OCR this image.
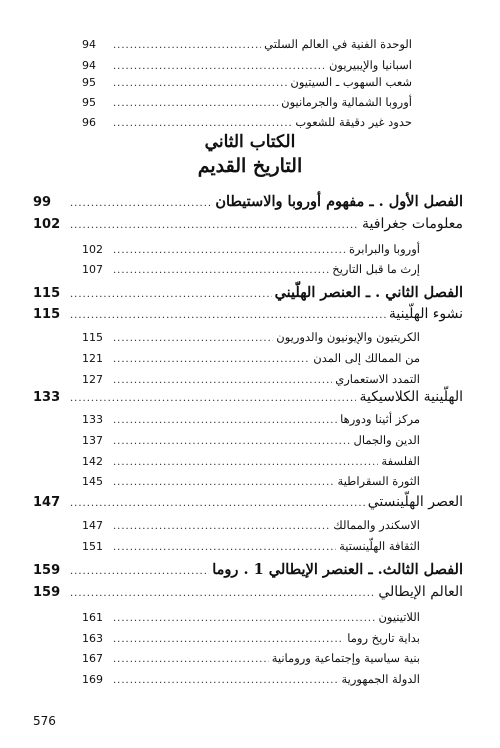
94 .....	الوحدة الفنية في العالم السلتي
94 .....	اسبانيا والإيبيريون
95 .....	شعب السهوب ـ السيتيون
95 .....	أوروبا الشمالية والجرمانيون
96 .....	حدود غير دقيقة للشعوب
الكتاب الثاني
التاريخ القديم
99 .....	الفصل الأول . ـ مفهوم أوروبا والاستيطان
102 .....	معلومات جغرافية
102 .....	أوروبا والبرابرة
107 .....	إرث ما قبل التاريخ
115 .....	الفصل الثاني . ـ العنصر الهلّيني
115 .....	نشوء الهلّينية
115 .....	الكريتيون والإيونيون والدوريون
121 .....	من الممالك إلى المدن
127 .....	التمدد الاستعماري
133 .....	الهلّينية الكلاسيكية
133 .....	مركز أثينا ودورها
137 .....	الدين والجمال
142 .....	الفلسفة
145 .....	الثورة السقراطية
147 .....	العصر الهلّينستي
147 .....	الاسكندر والممالك
151 .....	الثقافة الهلّينستية
159 .....	الفصل الثالث. ـ العنصر الإيطالي 1 . روما
159 .....	العالم الإيطالي
161 .....	اللاتينيون
163 .....	بداية تاريخ روما
167 .....	بنية سياسية وإجتماعية ورومانية
169 .....	الدولة الجمهورية
576
